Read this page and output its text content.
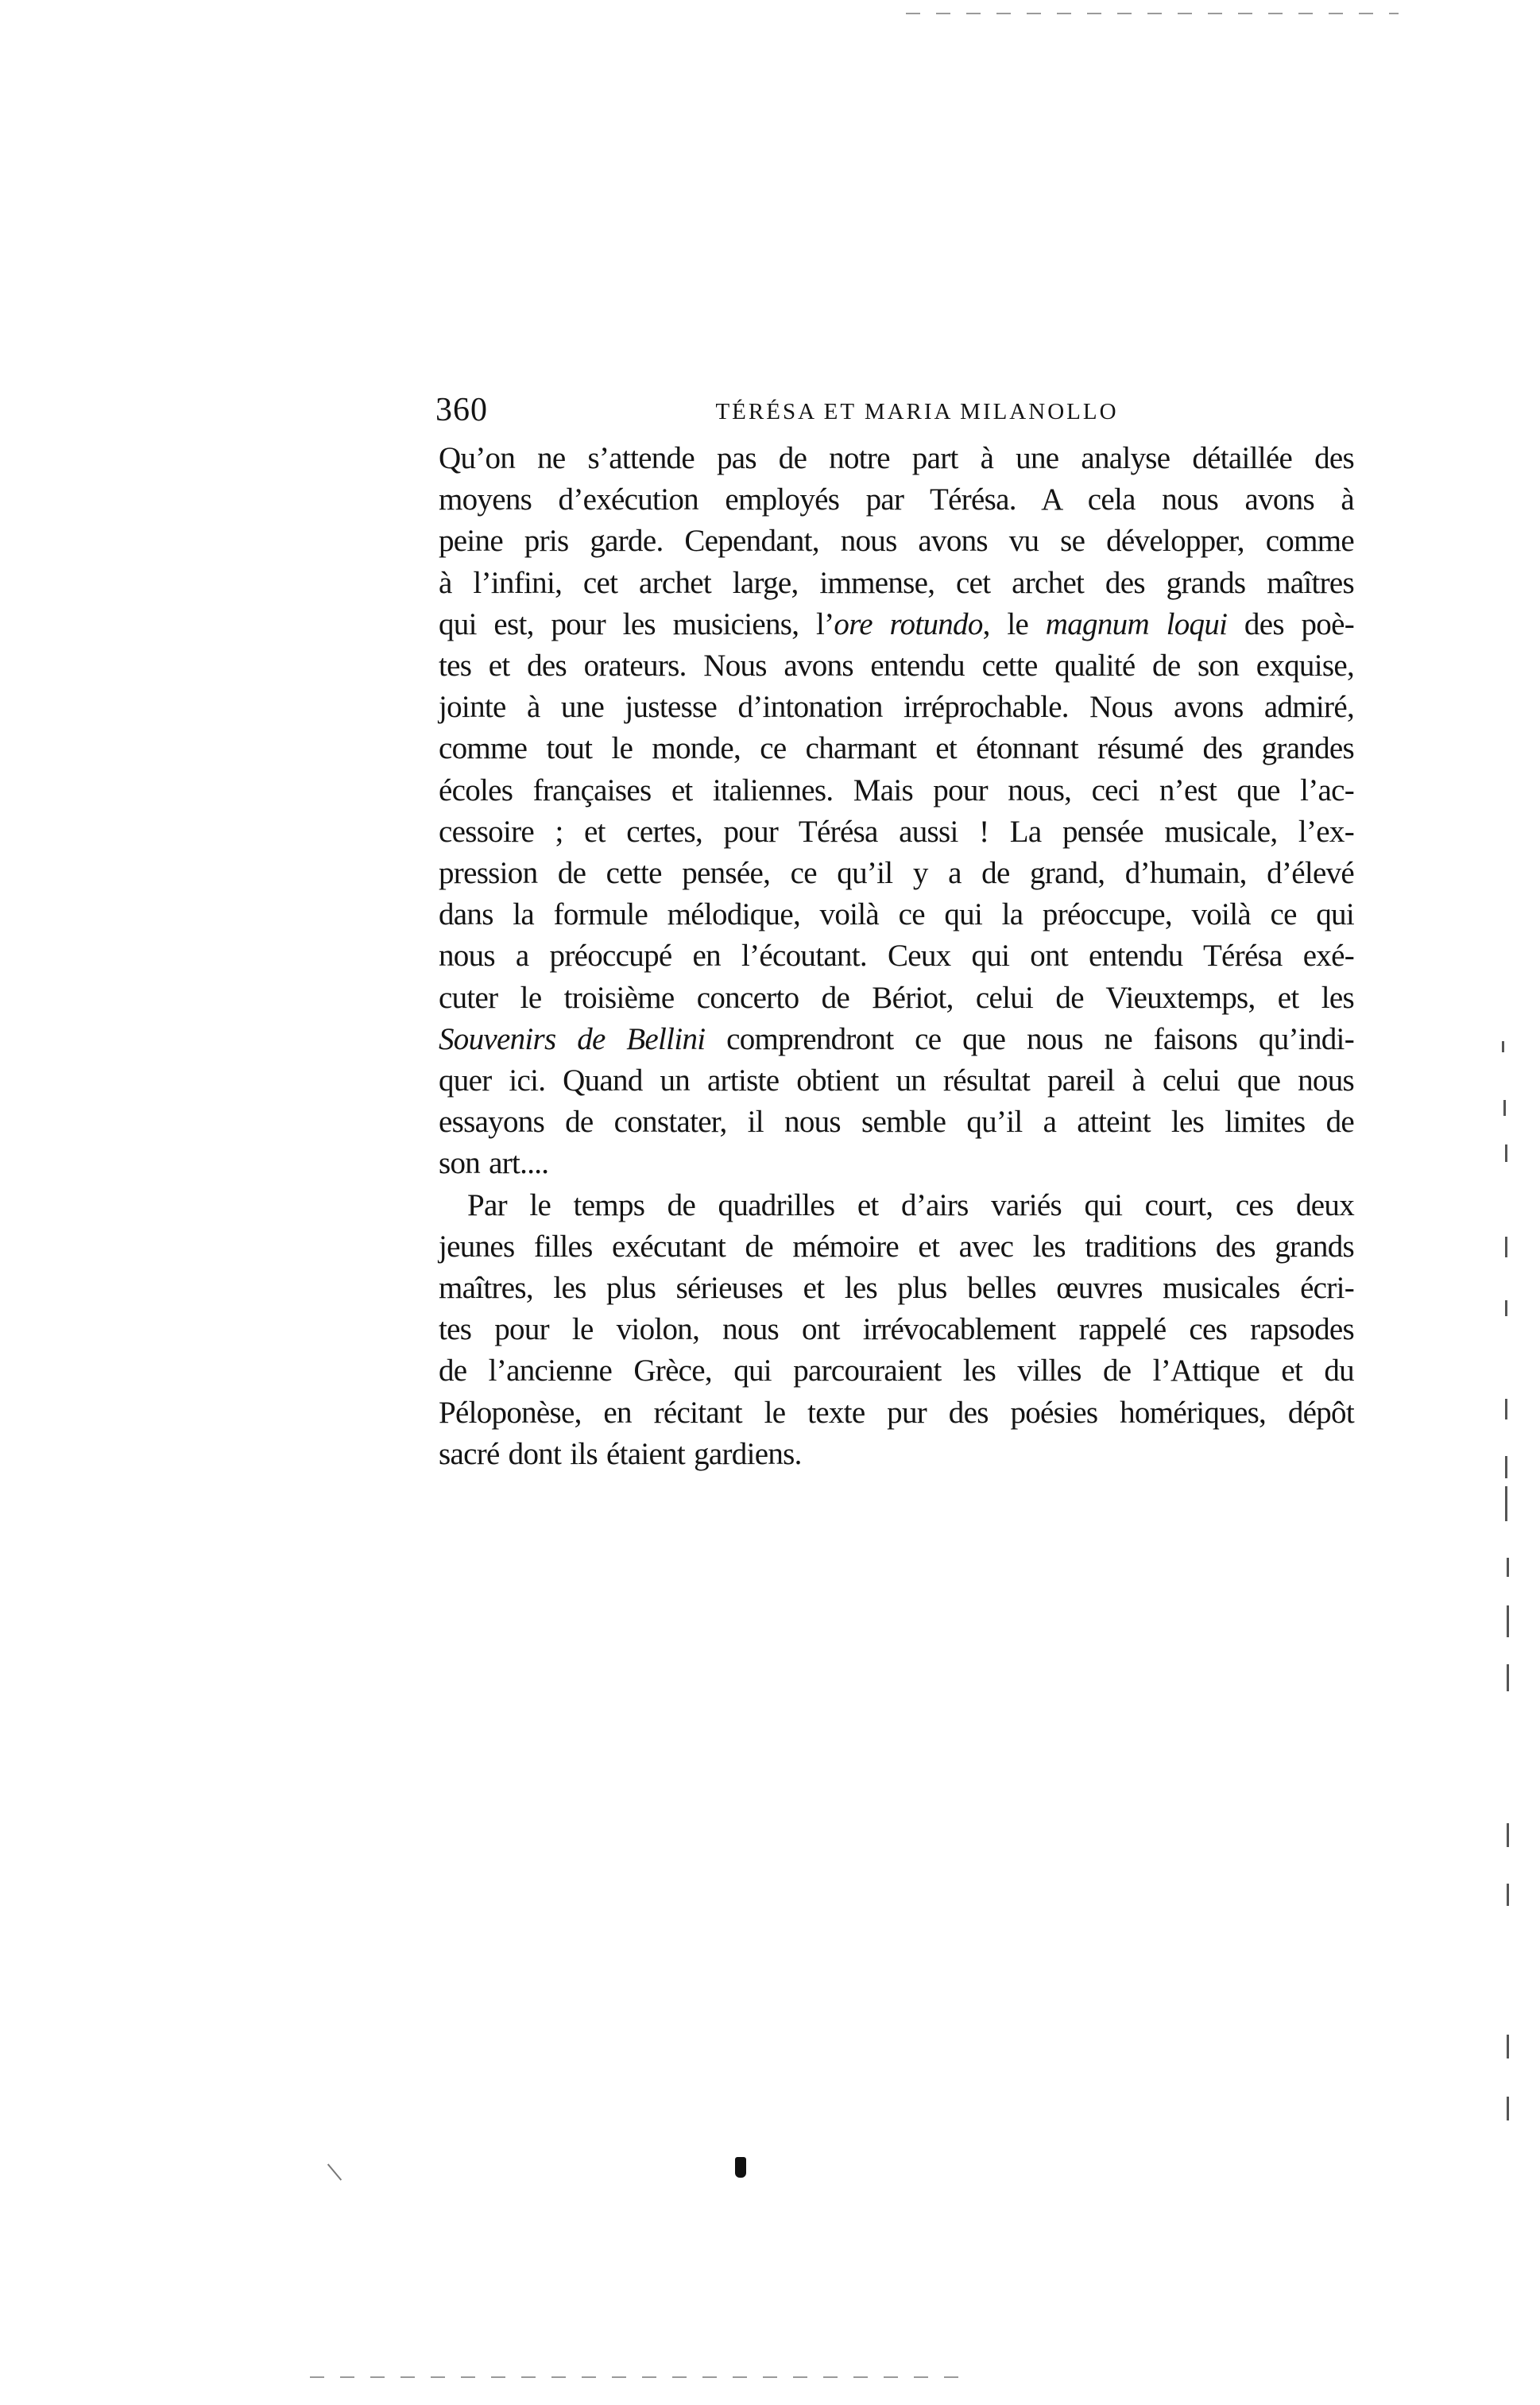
360	TÉRÉSA ET MARIA MILANOLLO

Qu’on ne s’attende pas de notre part à une analyse détaillée des
moyens d’exécution employés par Térésa. A cela nous avons à
peine pris garde. Cependant, nous avons vu se développer, comme
à l’infini, cet archet large, immense, cet archet des grands maîtres
qui est, pour les musiciens, l’ore rotundo, le magnum loqui des poè-
tes et des orateurs. Nous avons entendu cette qualité de son exquise,
jointe à une justesse d’intonation irréprochable. Nous avons admiré,
comme tout le monde, ce charmant et étonnant résumé des grandes
écoles françaises et italiennes. Mais pour nous, ceci n’est que l’ac-
cessoire ; et certes, pour Térésa aussi ! La pensée musicale, l’ex-
pression de cette pensée, ce qu’il y a de grand, d’humain, d’élevé
dans la formule mélodique, voilà ce qui la préoccupe, voilà ce qui
nous a préoccupé en l’écoutant. Ceux qui ont entendu Térésa exé-
cuter le troisième concerto de Bériot, celui de Vieuxtemps, et les
Souvenirs de Bellini comprendront ce que nous ne faisons qu’indi-
quer ici. Quand un artiste obtient un résultat pareil à celui que nous
essayons de constater, il nous semble qu’il a atteint les limites de
son art....

Par le temps de quadrilles et d’airs variés qui court, ces deux
jeunes filles exécutant de mémoire et avec les traditions des grands
maîtres, les plus sérieuses et les plus belles œuvres musicales écri-
tes pour le violon, nous ont irrévocablement rappelé ces rapsodes
de l’ancienne Grèce, qui parcouraient les villes de l’Attique et du
Péloponèse, en récitant le texte pur des poésies homériques, dépôt
sacré dont ils étaient gardiens.
